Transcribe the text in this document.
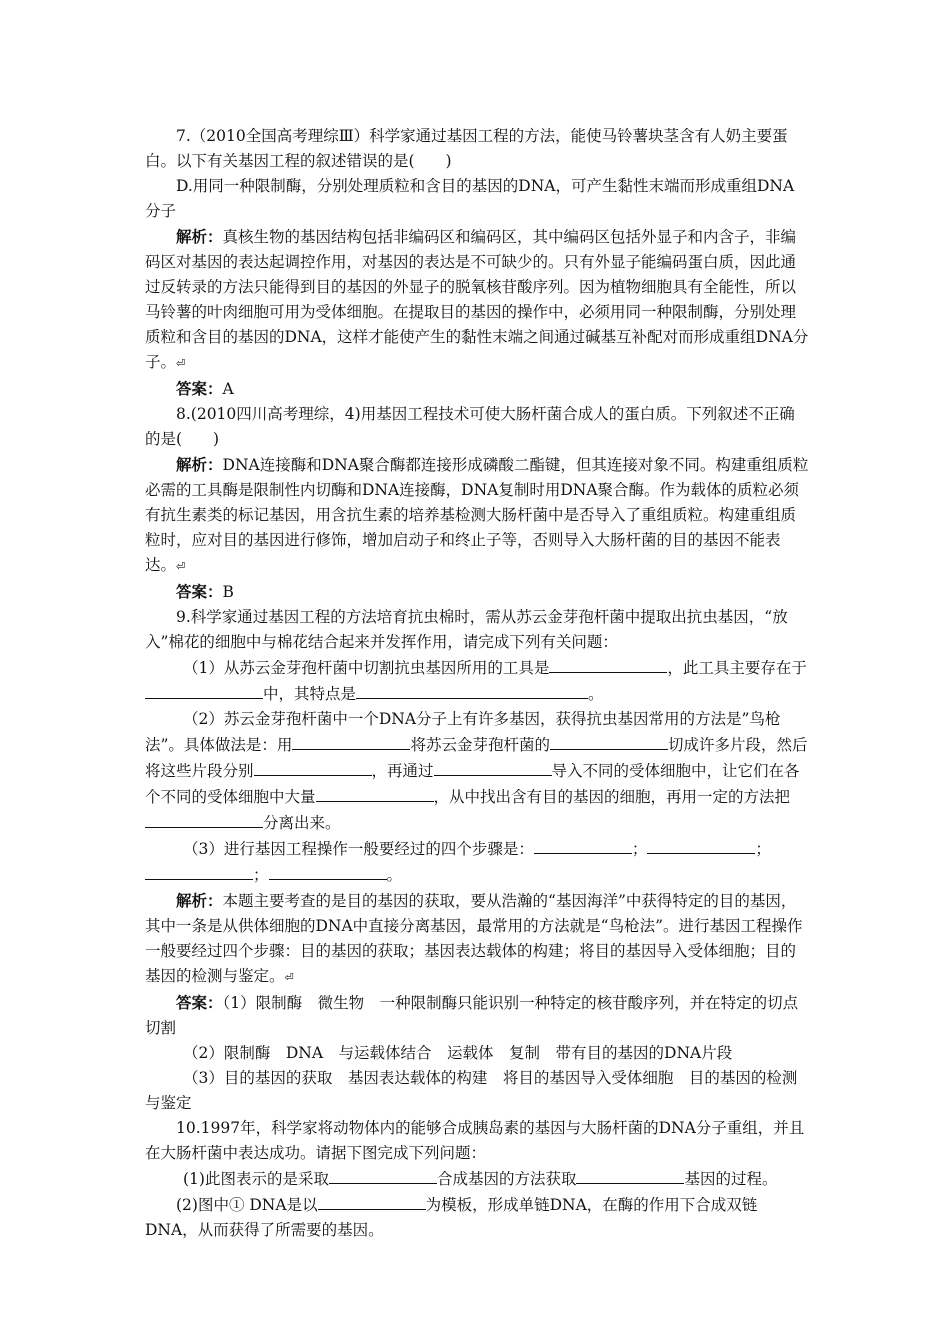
7.（2010全国高考理综Ⅲ）科学家通过基因工程的方法，能使马铃薯块茎含有人奶主要蛋白。以下有关基因工程的叙述错误的是(　　)

D.用同一种限制酶，分别处理质粒和含目的基因的DNA，可产生黏性末端而形成重组DNA分子

解析：真核生物的基因结构包括非编码区和编码区，其中编码区包括外显子和内含子，非编码区对基因的表达起调控作用，对基因的表达是不可缺少的。只有外显子能编码蛋白质，因此通过反转录的方法只能得到目的基因的外显子的脱氧核苷酸序列。因为植物细胞具有全能性，所以马铃薯的叶肉细胞可用为受体细胞。在提取目的基因的操作中，必须用同一种限制酶，分别处理质粒和含目的基因的DNA，这样才能使产生的黏性末端之间通过碱基互补配对而形成重组DNA分子。⏎

答案：A

8.(2010四川高考理综，4)用基因工程技术可使大肠杆菌合成人的蛋白质。下列叙述不正确的是(　　)

解析：DNA连接酶和DNA聚合酶都连接形成磷酸二酯键，但其连接对象不同。构建重组质粒必需的工具酶是限制性内切酶和DNA连接酶，DNA复制时用DNA聚合酶。作为载体的质粒必须有抗生素类的标记基因，用含抗生素的培养基检测大肠杆菌中是否导入了重组质粒。构建重组质粒时，应对目的基因进行修饰，增加启动子和终止子等，否则导入大肠杆菌的目的基因不能表达。⏎

答案：B

9.科学家通过基因工程的方法培育抗虫棉时，需从苏云金芽孢杆菌中提取出抗虫基因，“放入”棉花的细胞中与棉花结合起来并发挥作用，请完成下列有关问题：

（1）从苏云金芽孢杆菌中切割抗虫基因所用的工具是	，此工具主要存在于中，其特点是	。

（2）苏云金芽孢杆菌中一个DNA分子上有许多基因，获得抗虫基因常用的方法是”鸟枪法”。具体做法是：用	将苏云金芽孢杆菌的	切成许多片段，然后将这些片段分别	，再通过	导入不同的受体细胞中，让它们在各个不同的受体细胞中大量	，从中找出含有目的基因的细胞，再用一定的方法把分离出来。

（3）进行基因工程操作一般要经过的四个步骤是：	；	；；	。

解析：本题主要考查的是目的基因的获取，要从浩瀚的“基因海洋”中获得特定的目的基因，其中一条是从供体细胞的DNA中直接分离基因，最常用的方法就是“鸟枪法”。进行基因工程操作一般要经过四个步骤：目的基因的获取；基因表达载体的构建；将目的基因导入受体细胞；目的基因的检测与鉴定。⏎

答案：（1）限制酶　微生物　一种限制酶只能识别一种特定的核苷酸序列，并在特定的切点切割

（2）限制酶　DNA　与运载体结合　运载体　复制　带有目的基因的DNA片段

（3）目的基因的获取　基因表达载体的构建　将目的基因导入受体细胞　目的基因的检测与鉴定

10.1997年，科学家将动物体内的能够合成胰岛素的基因与大肠杆菌的DNA分子重组，并且在大肠杆菌中表达成功。请据下图完成下列问题：

(1)此图表示的是采取	合成基因的方法获取	基因的过程。

(2)图中① DNA是以	为模板，形成单链DNA，在酶的作用下合成双链DNA，从而获得了所需要的基因。
